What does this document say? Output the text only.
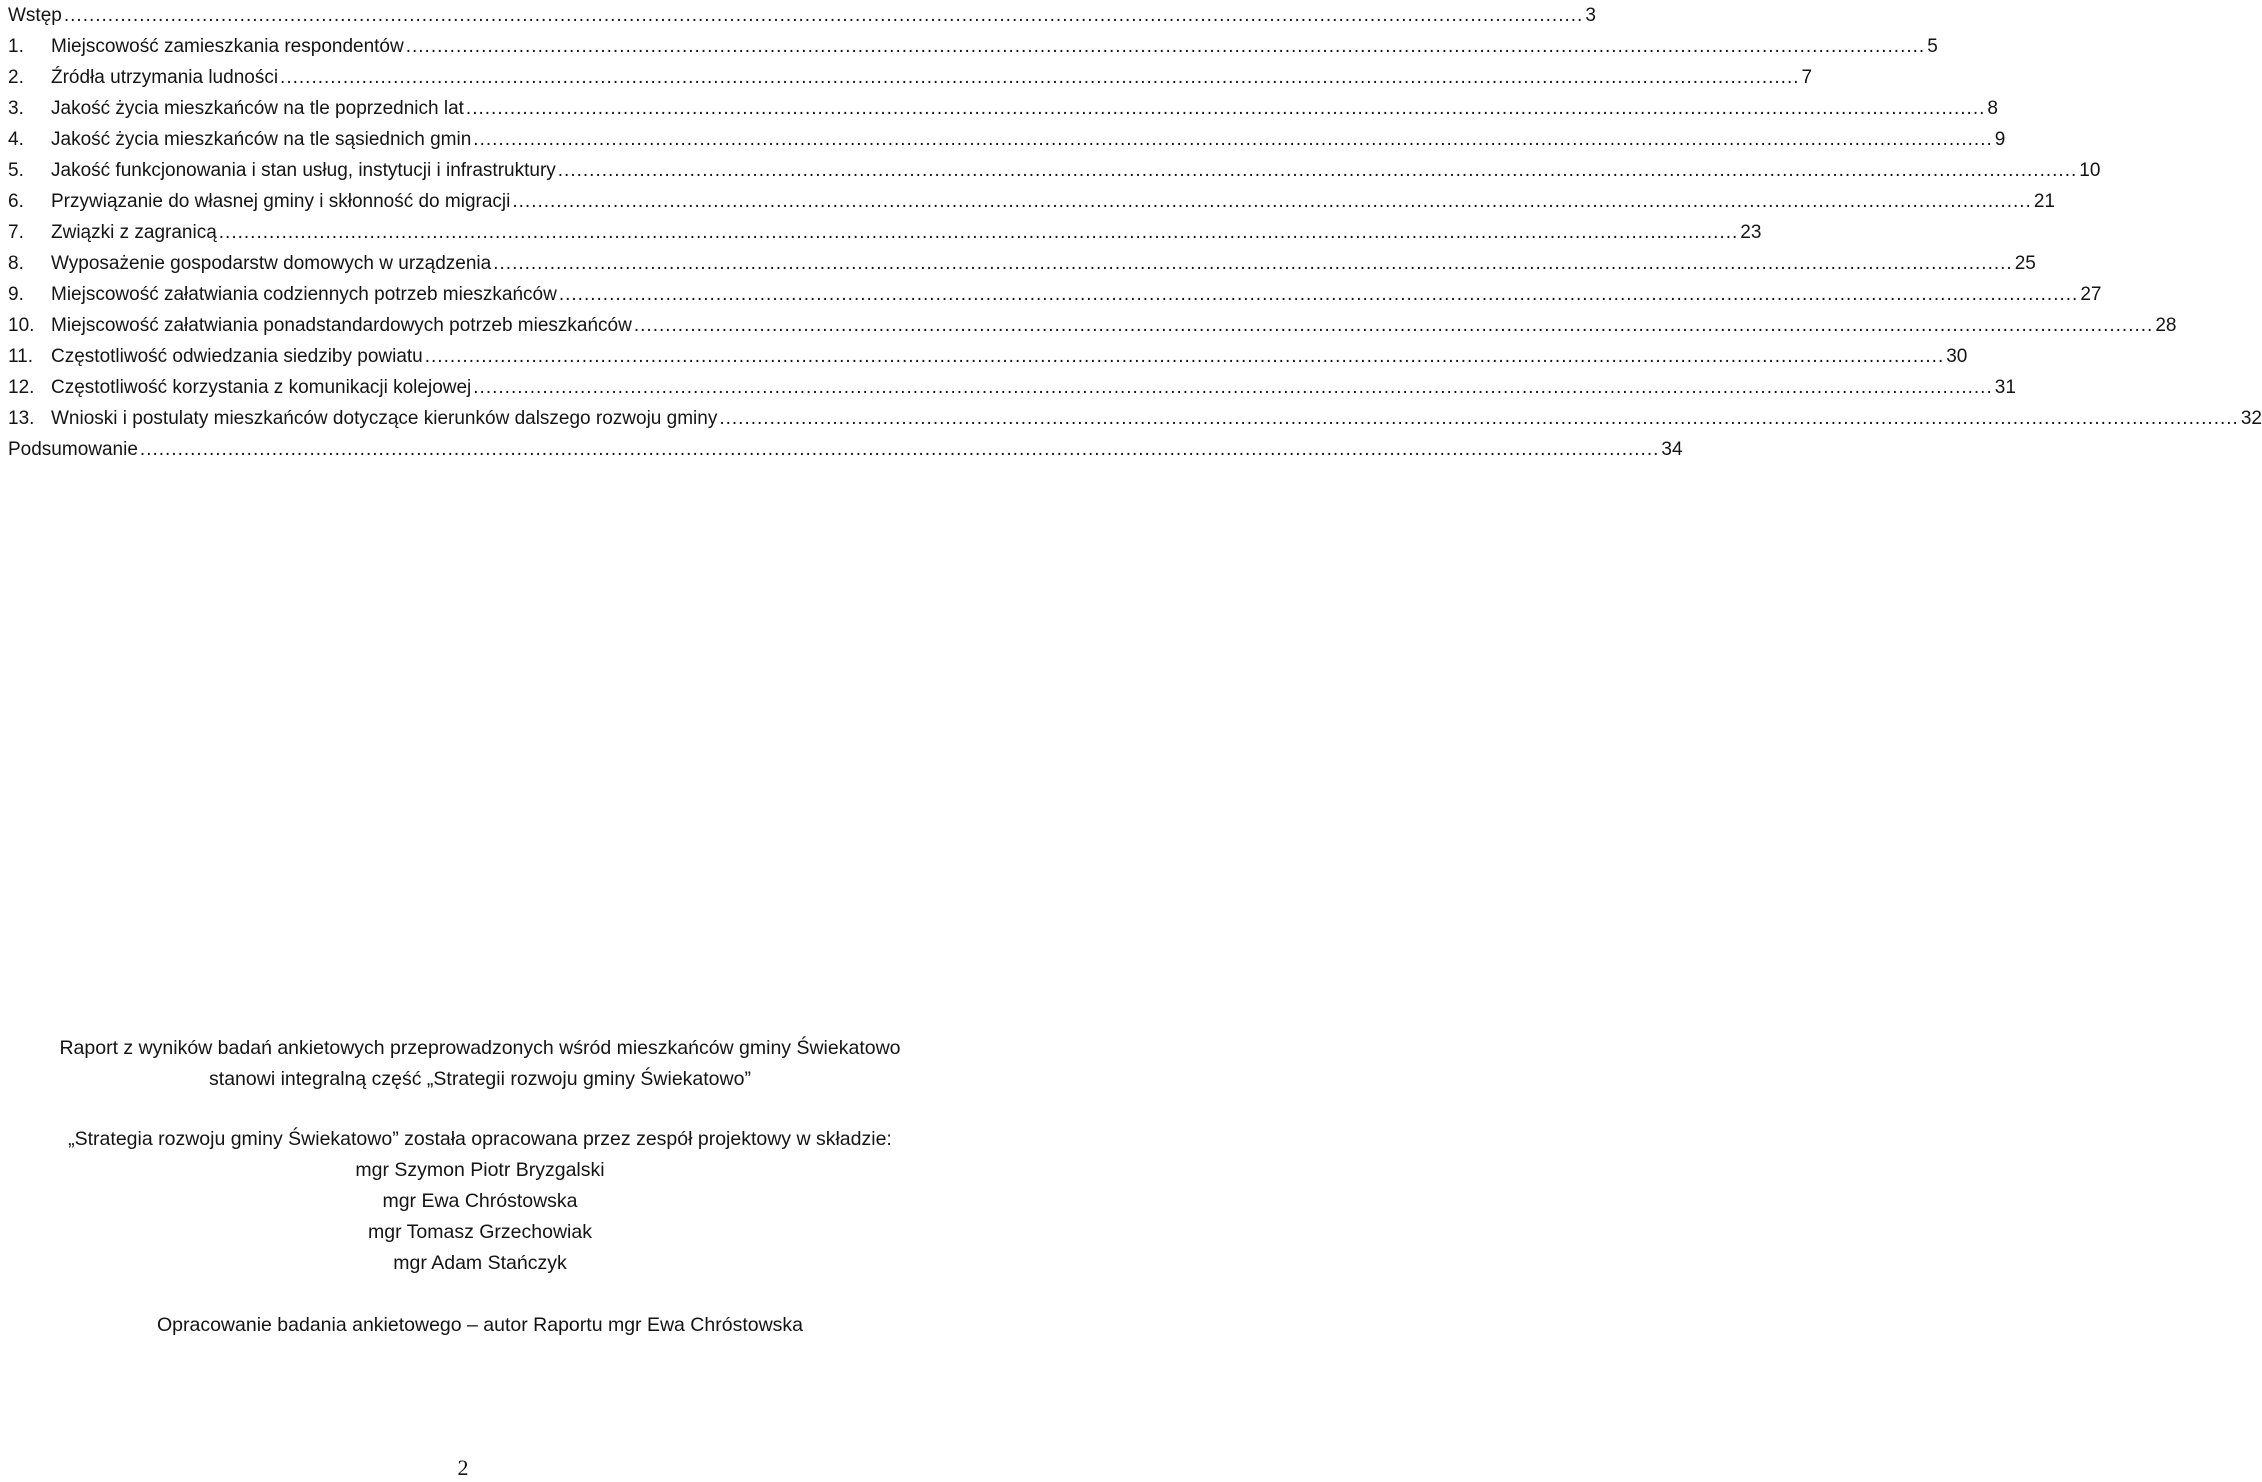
Wstęp .................................................................................................................................................................................................................................................. 3
1.	Miejscowość zamieszkania respondentów .................................................................................................................................................................................................................................................. 5
2.	Źródła utrzymania ludności .................................................................................................................................................................................................................................................. 7
3.	Jakość życia mieszkańców na tle poprzednich lat .................................................................................................................................................................................................................................................. 8
4.	Jakość życia mieszkańców na tle sąsiednich gmin .................................................................................................................................................................................................................................................. 9
5.	Jakość funkcjonowania i stan usług, instytucji i infrastruktury .................................................................................................................................................................................................................................................. 10
6.	Przywiązanie do własnej gminy i skłonność do migracji .................................................................................................................................................................................................................................................. 21
7.	Związki z zagranicą .................................................................................................................................................................................................................................................. 23
8.	Wyposażenie gospodarstw domowych w urządzenia .................................................................................................................................................................................................................................................. 25
9.	Miejscowość załatwiania codziennych potrzeb mieszkańców .................................................................................................................................................................................................................................................. 27
10. Miejscowość załatwiania ponadstandardowych potrzeb mieszkańców .................................................................................................................................................................................................................................................. 28
11. Częstotliwość odwiedzania siedziby powiatu .................................................................................................................................................................................................................................................. 30
12. Częstotliwość korzystania z komunikacji kolejowej .................................................................................................................................................................................................................................................. 31
13. Wnioski i postulaty mieszkańców dotyczące kierunków dalszego rozwoju gminy .................................................................................................................................................................................................................................................. 32
Podsumowanie .................................................................................................................................................................................................................................................. 34

Raport z wyników badań ankietowych przeprowadzonych wśród mieszkańców gminy Świekatowo

stanowi integralną część „Strategii rozwoju gminy Świekatowo”

„Strategia rozwoju gminy Świekatowo” została opracowana przez zespół projektowy w składzie:

mgr Szymon Piotr Bryzgalski

mgr Ewa Chróstowska

mgr Tomasz Grzechowiak

mgr Adam Stańczyk

Opracowanie badania ankietowego – autor Raportu mgr Ewa Chróstowska

2
